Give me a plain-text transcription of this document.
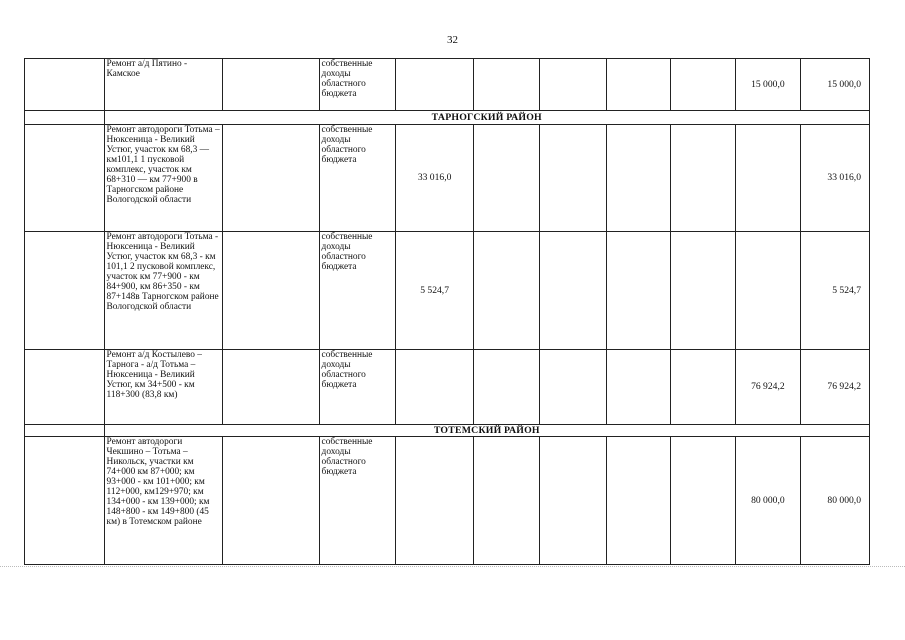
32
	Ремонт а/д Пятино - Камское		собственные доходы областного бюджета						15 000,0	15 000,0
	ТАРНОГСКИЙ РАЙОН									
	Ремонт автодороги Тотьма – Нюксеница - Великий Устюг, участок км 68,3 — км101,1 1 пусковой комплекс, участок км 68+310 — км 77+900 в Тарногском районе Вологодской области		собственные доходы областного бюджета	33 016,0						33 016,0
	Ремонт автодороги Тотьма - Нюксеница - Великий Устюг, участок км 68,3 - км 101,1 2 пусковой комплекс, участок км 77+900 - км 84+900, км 86+350 - км 87+148в Тарногском районе Вологодской области		собственные доходы областного бюджета	5 524,7						5 524,7
	Ремонт а/д Костылево – Тарнога - а/д Тотьма – Нюксеница - Великий Устюг, км 34+500 - км 118+300 (83,8 км)		собственные доходы областного бюджета						76 924,2	76 924,2
	ТОТЕМСКИЙ РАЙОН									
	Ремонт автодороги Чекшино – Тотьма – Никольск, участки км 74+000 км 87+000; км 93+000 - км 101+000; км 112+000, км129+970; км 134+000 - км 139+000; км 148+800 - км 149+800 (45 км) в Тотемском районе		собственные доходы областного бюджета						80 000,0	80 000,0
